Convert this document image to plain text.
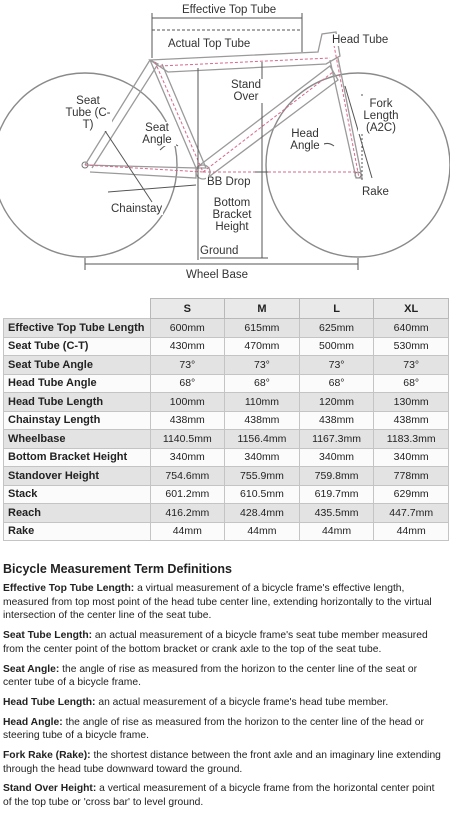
Effective Top Tube
Actual Top Tube	Head Tube
Seat Tube (C-T)
Stand Over
Fork Length (A2C)
Seat Angle	Head Angle
BB Drop
Bottom Bracket Height
Chainstay
Ground
Rake
Wheel Base
	S	M	L	XL
Effective Top Tube Length	600mm	615mm	625mm	640mm
Seat Tube (C-T)	430mm	470mm	500mm	530mm
Seat Tube Angle	73°	73°	73°	73°
Head Tube Angle	68°	68°	68°	68°
Head Tube Length	100mm	110mm	120mm	130mm
Chainstay Length	438mm	438mm	438mm	438mm
Wheelbase	1140.5mm	1156.4mm	1167.3mm	1183.3mm
Bottom Bracket Height	340mm	340mm	340mm	340mm
Standover Height	754.6mm	755.9mm	759.8mm	778mm
Stack	601.2mm	610.5mm	619.7mm	629mm
Reach	416.2mm	428.4mm	435.5mm	447.7mm
Rake	44mm	44mm	44mm	44mm
Bicycle Measurement Term Definitions

Effective Top Tube Length: a virtual measurement of a bicycle frame's effective length, measured from top most point of the head tube center line, extending horizontally to the virtual intersection of the center line of the seat tube.

Seat Tube Length: an actual measurement of a bicycle frame's seat tube member measured from the center point of the bottom bracket or crank axle to the top of the seat tube.

Seat Angle: the angle of rise as measured from the horizon to the center line of the seat or center tube of a bicycle frame.

Head Tube Length: an actual measurement of a bicycle frame's head tube member.

Head Angle: the angle of rise as measured from the horizon to the center line of the head or steering tube of a bicycle frame.

Fork Rake (Rake): the shortest distance between the front axle and an imaginary line extending through the head tube downward toward the ground.

Stand Over Height: a vertical measurement of a bicycle frame from the horizontal center point of the top tube or 'cross bar' to level ground.
